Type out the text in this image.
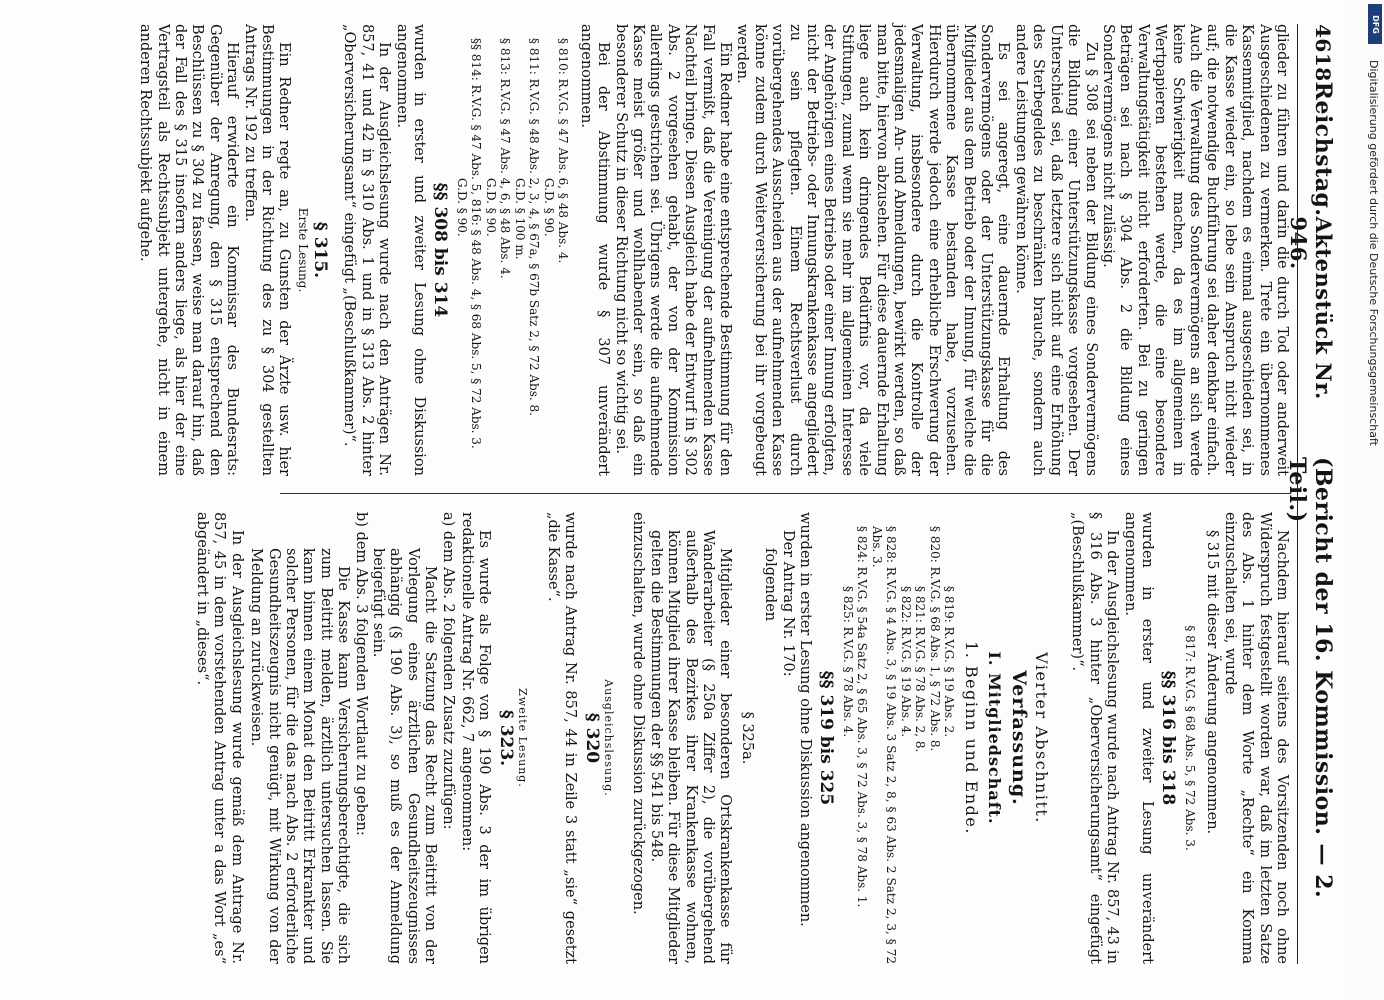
DFG
Digitalisierung gefördert durch die Deutsche Forschungsgemeinschaft
4618
Reichstag.
Aktenstück Nr. 946.
(Bericht der 16. Kommission. — 2. Teil.)

glieder zu führen und darin die durch Tod oder anderweit Ausgeschiedenen zu vermerken. Trete ein übernommenes Kassenmitglied, nachdem es einmal ausgeschieden sei, in die Kasse wieder ein, so lebe sein Anspruch nicht wieder auf; die notwendige Buchführung sei daher denkbar einfach. Auch die Verwaltung des Sondervermögens an sich werde keine Schwierigkeit machen, da es im allgemeinen in Wertpapieren bestehen werde, die eine besondere Verwaltungstätigkeit nicht erforderten. Bei zu geringen Beträgen sei nach § 304 Abs. 2 die Bildung eines Sondervermögens nicht zulässig.

Zu § 308 sei neben der Bildung eines Sondervermögens die Bildung einer Unterstützungskasse vorgesehen. Der Unterschied sei, daß letztere sich nicht auf eine Erhöhung des Sterbegeldes zu beschränken brauche, sondern auch andere Leistungen gewähren könne.

Es sei angeregt, eine dauernde Erhaltung des Sondervermögens oder der Unterstützungskasse für die Mitglieder aus dem Betrieb oder der Innung, für welche die übernommene Kasse bestanden habe, vorzusehen. Hierdurch werde jedoch eine erhebliche Erschwerung der Verwaltung, insbesondere durch die Kontrolle der jedesmaligen An- und Abmeldungen, bewirkt werden, so daß man bitte, hiervon abzusehen. Für diese dauernde Erhaltung liege auch kein dringendes Bedürfnis vor, da viele Stiftungen, zumal wenn sie mehr im allgemeinen Interesse der Angehörigen eines Betriebs oder einer Innung erfolgten, nicht der Betriebs- oder Innungskrankenkasse angegliedert zu sein pflegten. Einem Rechtsverlust durch vorübergehendes Ausscheiden aus der aufnehmenden Kasse könne zudem durch Weiterversicherung bei ihr vorgebeugt werden.

Ein Redner habe eine entsprechende Bestimmung für den Fall vermißt, daß die Vereinigung der aufnehmenden Kasse Nachteil bringe. Diesen Ausgleich habe der Entwurf in § 302 Abs. 2 vorgesehen gehabt, der von der Kommission allerdings gestrichen sei. Übrigens werde die aufnehmende Kasse meist größer und wohlhabender sein, so daß ein besonderer Schutz in dieser Richtung nicht so wichtig sei.

Bei der Abstimmung wurde § 307 unverändert angenommen.

§ 810: R.V.G. § 47 Abs. 6, § 48 Abs. 4.
G.D. § 90.
§ 811: R.V.G. § 48 Abs. 2, 3, 4, § 67a, § 67b Satz 2, § 72 Abs. 8.
G.D. § 100 m.
§ 813: R.V.G. § 47 Abs. 4, 6, § 48 Abs. 4.
G.D. § 90.
§§ 814: R.V.G. § 47 Abs. 5, 816: § 48 Abs. 4, § 68 Abs. 5, § 72 Abs. 3.
G.D. § 90.
§§ 308 bis 314

wurden in erster und zweiter Lesung ohne Diskussion angenommen.

In der Ausgleichslesung wurde nach den Anträgen Nr. 857, 41 und 42 in § 310 Abs. 1 und in § 313 Abs. 2 hinter „Oberversicherungsamt“ eingefügt „(Beschlußkammer)“.

§ 315.
Erste Lesung.

Ein Redner regte an, zu Gunsten der Ärzte usw. hier Bestimmungen in der Richtung des zu § 304 gestellten Antrags Nr. 192 zu treffen.

Hierauf erwiderte ein Kommissar des Bundesrats: Gegenüber der Anregung, den § 315 entsprechend den Beschlüssen zu § 304 zu fassen, weise man darauf hin, daß der Fall des § 315 insofern anders liege, als hier der eine Vertragsteil als Rechtssubjekt untergehe, nicht in einem anderen Rechtssubjekt aufgehe.

Nachdem hierauf seitens des Vorsitzenden noch ohne Widerspruch festgestellt worden war, daß im letzten Satze des Abs. 1 hinter dem Worte „Rechte“ ein Komma einzuschalten sei, wurde

§ 315 mit dieser Änderung angenommen.

§ 817: R.V.G. § 68 Abs. 5, § 72 Abs. 3.
§§ 316 bis 318

wurden in erster und zweiter Lesung unverändert angenommen.

In der Ausgleichslesung wurde nach Antrag Nr. 857, 43 in § 316 Abs. 3 hinter „Oberversicherungsamt“ eingefügt „(Beschlußkammer)“.

Vierter Abschnitt.
Verfassung.
I. Mitgliedschaft.
1. Beginn und Ende.
§ 819: R.V.G. § 19 Abs. 2.
§ 820: R.V.G. § 68 Abs. 1, § 72 Abs. 8.
§ 821: R.V.G. § 78 Abs. 2, 8.
§ 822: R.V.G. § 19 Abs. 4.
§ 828: R.V.G. § 4 Abs. 3, § 19 Abs. 3 Satz 2, 8, § 63 Abs. 2 Satz 2, 3, § 72 Abs. 3.
§ 824: R.V.G. § 54a Satz 2, § 65 Abs. 3, § 72 Abs. 3, § 78 Abs. 1.
§ 825: R.V.G. § 78 Abs. 4.
§§ 319 bis 325

wurden in erster Lesung ohne Diskussion angenommen.

Der Antrag Nr. 170:

folgenden

§ 325a.

Mitglieder einer besonderen Ortskrankenkasse für Wanderarbeiter (§ 250a Ziffer 2), die vorübergehend außerhalb des Bezirkes ihrer Krankenkasse wohnen, können Mitglied ihrer Kasse bleiben. Für diese Mitglieder gelten die Bestimmungen der §§ 541 bis 548.

einzuschalten, wurde ohne Diskussion zurückgezogen.

Ausgleichslesung.
§ 320

wurde nach Antrag Nr. 857, 44 in Zeile 3 statt „sie“ gesetzt „die Kasse“.

Zweite Lesung.
§ 323.

Es wurde als Folge von § 190 Abs. 3 der im übrigen redaktionelle Antrag Nr. 662, 7 angenommen:

a) dem Abs. 2 folgenden Zusatz zuzufügen:

Macht die Satzung das Recht zum Beitritt von der Vorlegung eines ärztlichen Gesundheitszeugnisses abhängig (§ 190 Abs. 3), so muß es der Anmeldung beigefügt sein.

b) dem Abs. 3 folgenden Wortlaut zu geben:

Die Kasse kann Versicherungsberechtigte, die sich zum Beitritt melden, ärztlich untersuchen lassen. Sie kann binnen einem Monat den Beitritt Erkrankter und solcher Personen, für die das nach Abs. 2 erforderliche Gesundheitszeugnis nicht genügt, mit Wirkung von der Meldung an zurückweisen.

In der Ausgleichslesung wurde gemäß dem Antrage Nr. 857, 45 in dem vorstehenden Antrag unter a das Wort „es“ abgeändert in „dieses“.
